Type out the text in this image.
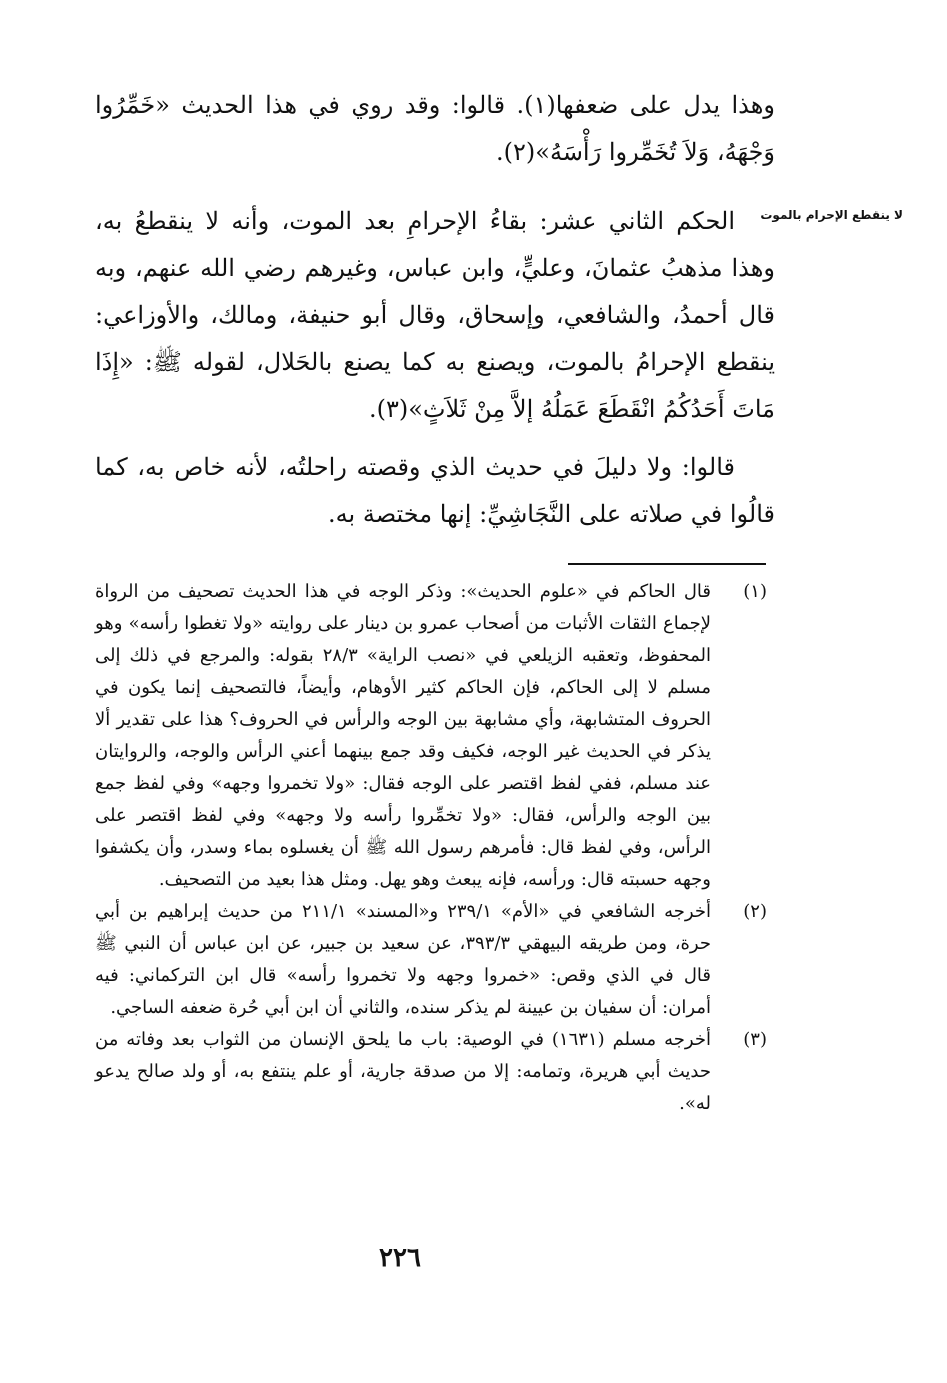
وهذا يدل على ضعفها(١). قالوا: وقد روي في هذا الحديث «خَمِّرُوا وَجْهَهُ، وَلاَ تُخَمِّروا رَأْسَهُ»(٢).

لا ينقطع الإحرام بالموت

الحكم الثاني عشر: بقاءُ الإحرامِ بعد الموت، وأنه لا ينقطعُ به، وهذا مذهبُ عثمانَ، وعليٍّ، وابن عباس، وغيرهم رضي الله عنهم، وبه قال أحمدُ، والشافعي، وإسحاق، وقال أبو حنيفة، ومالك، والأوزاعي: ينقطع الإحرامُ بالموت، ويصنع به كما يصنع بالحَلال، لقوله ﷺ: «إِذَا مَاتَ أَحَدُكُمُ انْقَطَعَ عَمَلُهُ إلاَّ مِنْ ثَلاَثٍ»(٣).

قالوا: ولا دليلَ في حديث الذي وقصته راحلتُه، لأنه خاص به، كما قالُوا في صلاته على النَّجَاشِيِّ: إنها مختصة به.

(١)
قال الحاكم في «علوم الحديث»: وذكر الوجه في هذا الحديث تصحيف من الرواة لإجماع الثقات الأثبات من أصحاب عمرو بن دينار على روايته «ولا تغطوا رأسه» وهو المحفوظ، وتعقبه الزيلعي في «نصب الراية» ٢٨/٣ بقوله: والمرجع في ذلك إلى مسلم لا إلى الحاكم، فإن الحاكم كثير الأوهام، وأيضاً، فالتصحيف إنما يكون في الحروف المتشابهة، وأي مشابهة بين الوجه والرأس في الحروف؟ هذا على تقدير ألا يذكر في الحديث غير الوجه، فكيف وقد جمع بينهما أعني الرأس والوجه، والروايتان عند مسلم، ففي لفظ اقتصر على الوجه فقال: «ولا تخمروا وجهه» وفي لفظ جمع بين الوجه والرأس، فقال: «ولا تخمِّروا رأسه ولا وجهه» وفي لفظ اقتصر على الرأس، وفي لفظ قال: فأمرهم رسول الله ﷺ أن يغسلوه بماء وسدر، وأن يكشفوا وجهه حسبته قال: ورأسه، فإنه يبعث وهو يهل. ومثل هذا بعيد من التصحيف.
(٢)
أخرجه الشافعي في «الأم» ٢٣٩/١ و«المسند» ٢١١/١ من حديث إبراهيم بن أبي حرة، ومن طريقه البيهقي ٣٩٣/٣، عن سعيد بن جبير، عن ابن عباس أن النبي ﷺ قال في الذي وقص: «خمروا وجهه ولا تخمروا رأسه» قال ابن التركماني: فيه أمران: أن سفيان بن عيينة لم يذكر سنده، والثاني أن ابن أبي حُرة ضعفه الساجي.
(٣)
أخرجه مسلم (١٦٣١) في الوصية: باب ما يلحق الإنسان من الثواب بعد وفاته من حديث أبي هريرة، وتمامه: إلا من صدقة جارية، أو علم ينتفع به، أو ولد صالح يدعو له».
٢٢٦
